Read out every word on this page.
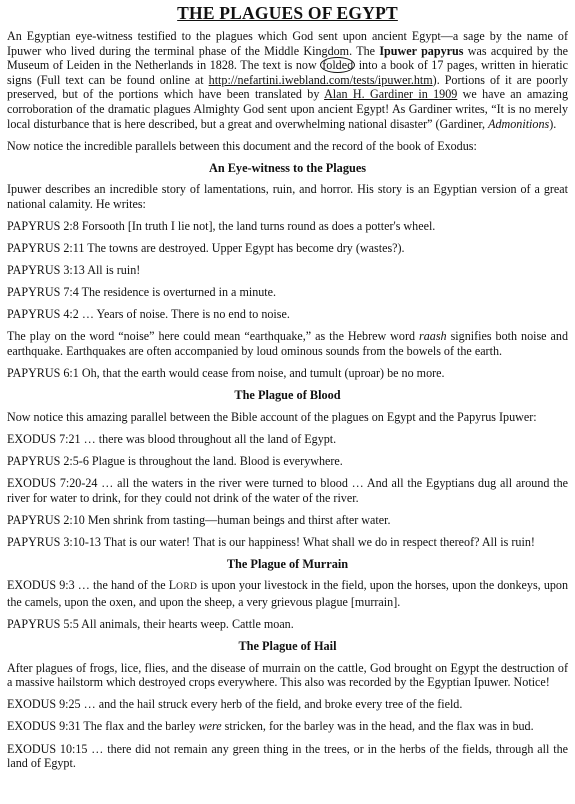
THE PLAGUES OF EGYPT

An Egyptian eye-witness testified to the plagues which God sent upon ancient Egypt—a sage by the name of Ipuwer who lived during the terminal phase of the Middle Kingdom. The Ipuwer papyrus was acquired by the Museum of Leiden in the Netherlands in 1828. The text is now folded into a book of 17 pages, written in hieratic signs (Full text can be found online at http://nefartini.iwebland.com/tests/ipuwer.htm). Portions of it are poorly preserved, but of the portions which have been translated by Alan H. Gardiner in 1909 we have an amazing corroboration of the dramatic plagues Almighty God sent upon ancient Egypt! As Gardiner writes, “It is no merely local disturbance that is here described, but a great and overwhelming national disaster” (Gardiner, Admonitions).

Now notice the incredible parallels between this document and the record of the book of Exodus:

An Eye-witness to the Plagues

Ipuwer describes an incredible story of lamentations, ruin, and horror. His story is an Egyptian version of a great national calamity. He writes:

PAPYRUS 2:8 Forsooth [In truth I lie not], the land turns round as does a potter's wheel.

PAPYRUS 2:11 The towns are destroyed. Upper Egypt has become dry (wastes?).

PAPYRUS 3:13 All is ruin!

PAPYRUS 7:4 The residence is overturned in a minute.

PAPYRUS 4:2 … Years of noise. There is no end to noise.

The play on the word “noise” here could mean “earthquake,” as the Hebrew word raash signifies both noise and earthquake. Earthquakes are often accompanied by loud ominous sounds from the bowels of the earth.

PAPYRUS 6:1 Oh, that the earth would cease from noise, and tumult (uproar) be no more.

The Plague of Blood

Now notice this amazing parallel between the Bible account of the plagues on Egypt and the Papyrus Ipuwer:

EXODUS 7:21 … there was blood throughout all the land of Egypt.

PAPYRUS 2:5-6 Plague is throughout the land. Blood is everywhere.

EXODUS 7:20-24 … all the waters in the river were turned to blood … And all the Egyptians dug all around the river for water to drink, for they could not drink of the water of the river.

PAPYRUS 2:10 Men shrink from tasting—human beings and thirst after water.

PAPYRUS 3:10-13 That is our water! That is our happiness! What shall we do in respect thereof? All is ruin!

The Plague of Murrain

EXODUS 9:3 … the hand of the LORD is upon your livestock in the field, upon the horses, upon the donkeys, upon the camels, upon the oxen, and upon the sheep, a very grievous plague [murrain].

PAPYRUS 5:5 All animals, their hearts weep. Cattle moan.

The Plague of Hail

After plagues of frogs, lice, flies, and the disease of murrain on the cattle, God brought on Egypt the destruction of a massive hailstorm which destroyed crops everywhere. This also was recorded by the Egyptian Ipuwer. Notice!

EXODUS 9:25 … and the hail struck every herb of the field, and broke every tree of the field.

EXODUS 9:31 The flax and the barley were stricken, for the barley was in the head, and the flax was in bud.

EXODUS 10:15 … there did not remain any green thing in the trees, or in the herbs of the fields, through all the land of Egypt.
